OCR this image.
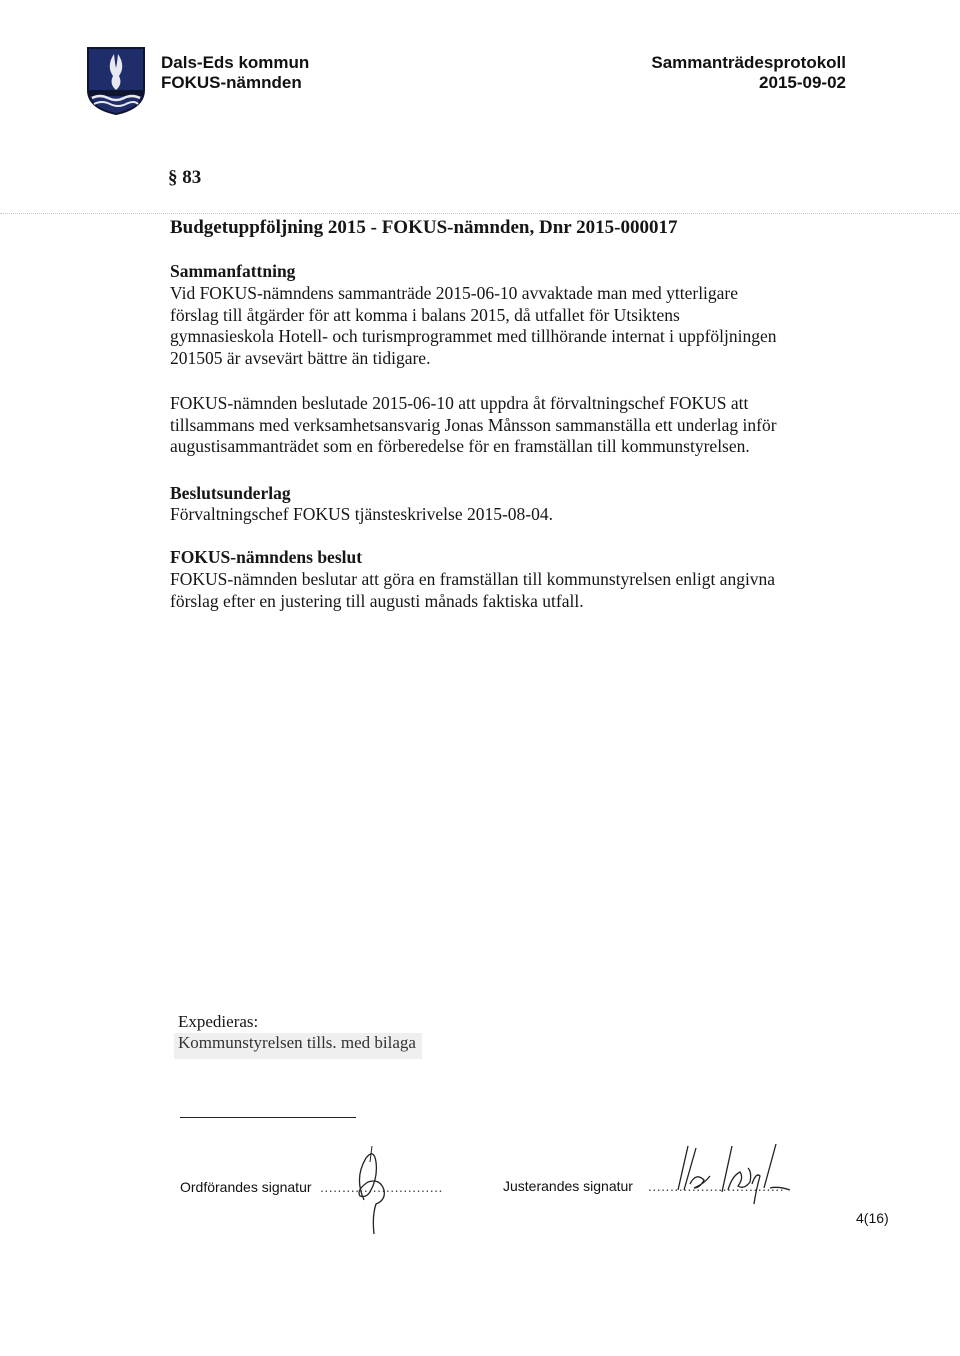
Dals-Eds kommun
FOKUS-nämnden
Sammanträdesprotokoll
2015-09-02
§ 83
Budgetuppföljning 2015 - FOKUS-nämnden, Dnr 2015-000017
Sammanfattning
Vid FOKUS-nämndens sammanträde 2015-06-10 avvaktade man med ytterligare
förslag till åtgärder för att komma i balans 2015, då utfallet för Utsiktens
gymnasieskola Hotell- och turismprogrammet med tillhörande internat i uppföljningen
201505 är avsevärt bättre än tidigare.
FOKUS-nämnden beslutade 2015-06-10 att uppdra åt förvaltningschef FOKUS att
tillsammans med verksamhetsansvarig Jonas Månsson sammanställa ett underlag inför
augustisammanträdet som en förberedelse för en framställan till kommunstyrelsen.
Beslutsunderlag
Förvaltningschef FOKUS tjänsteskrivelse 2015-08-04.
FOKUS-nämndens beslut
FOKUS-nämnden beslutar att göra en framställan till kommunstyrelsen enligt angivna
förslag efter en justering till augusti månads faktiska utfall.
Expedieras:
Kommunstyrelsen tills. med bilaga
Ordförandes signatur ............................	Justerandes signatur ...............................
4(16)
